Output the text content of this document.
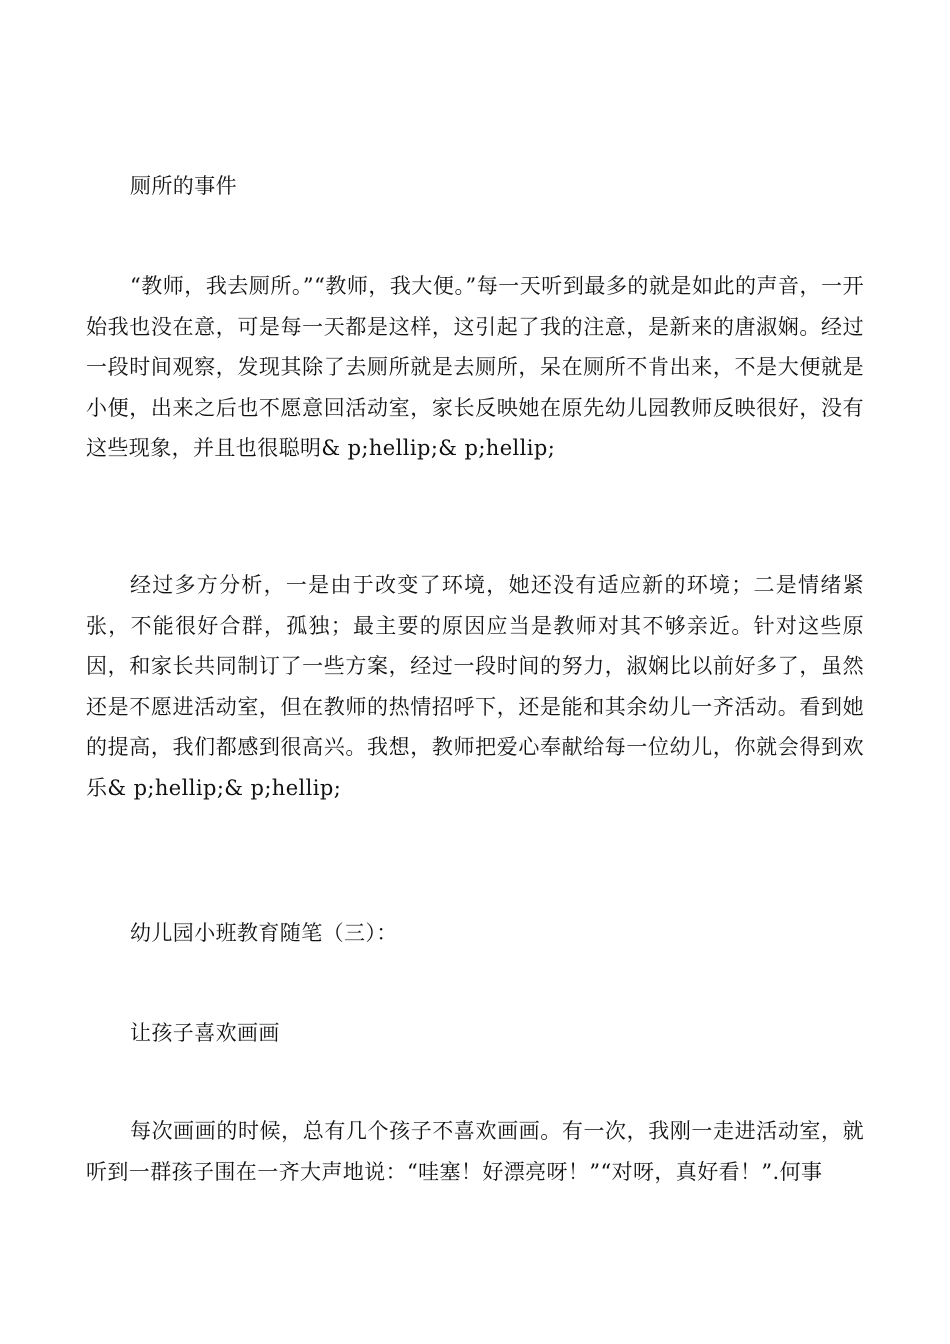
厕所的事件

“教师，我去厕所。”“教师，我大便。”每一天听到最多的就是如此的声音，一开始我也没在意，可是每一天都是这样，这引起了我的注意，是新来的唐淑娴。经过一段时间观察，发现其除了去厕所就是去厕所，呆在厕所不肯出来，不是大便就是小便，出来之后也不愿意回活动室，家长反映她在原先幼儿园教师反映很好，没有这些现象，并且也很聪明& p;hellip;& p;hellip;

经过多方分析，一是由于改变了环境，她还没有适应新的环境；二是情绪紧张，不能很好合群，孤独；最主要的原因应当是教师对其不够亲近。针对这些原因，和家长共同制订了一些方案，经过一段时间的努力，淑娴比以前好多了，虽然还是不愿进活动室，但在教师的热情招呼下，还是能和其余幼儿一齐活动。看到她的提高，我们都感到很高兴。我想，教师把爱心奉献给每一位幼儿，你就会得到欢乐& p;hellip;& p;hellip;

幼儿园小班教育随笔（三）：

让孩子喜欢画画

每次画画的时候，总有几个孩子不喜欢画画。有一次，我刚一走进活动室，就听到一群孩子围在一齐大声地说：“哇塞！好漂亮呀！”“对呀，真好看！”.何事
